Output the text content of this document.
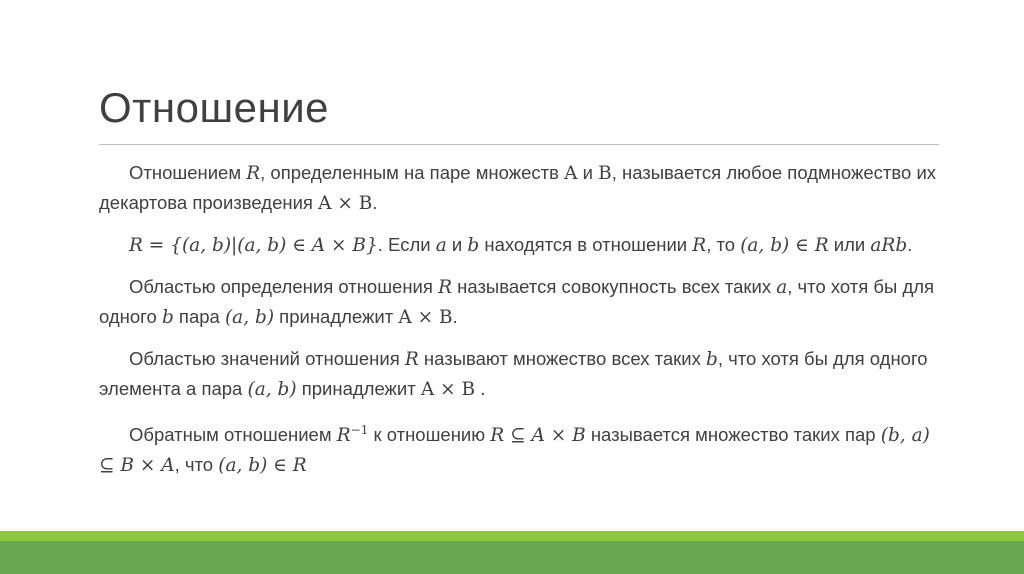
Отношение

Отношением R, определенным на паре множеств A и B, называется любое подмножество их декартова произведения A × B.

R = {(a, b)|(a, b) ∈ A × B}. Если a и b находятся в отношении R, то (a, b) ∈ R или aRb.

Областью определения отношения R называется совокупность всех таких a, что хотя бы для одного b пара (a, b) принадлежит A × B.

Областью значений отношения R называют множество всех таких b, что хотя бы для одного элемента а пара (a, b) принадлежит A × B .

Обратным отношением $R^{-1}$ к отношению R ⊆ A × B называется множество таких пар (b, a) ⊆ B × A, что (a, b) ∈ R
